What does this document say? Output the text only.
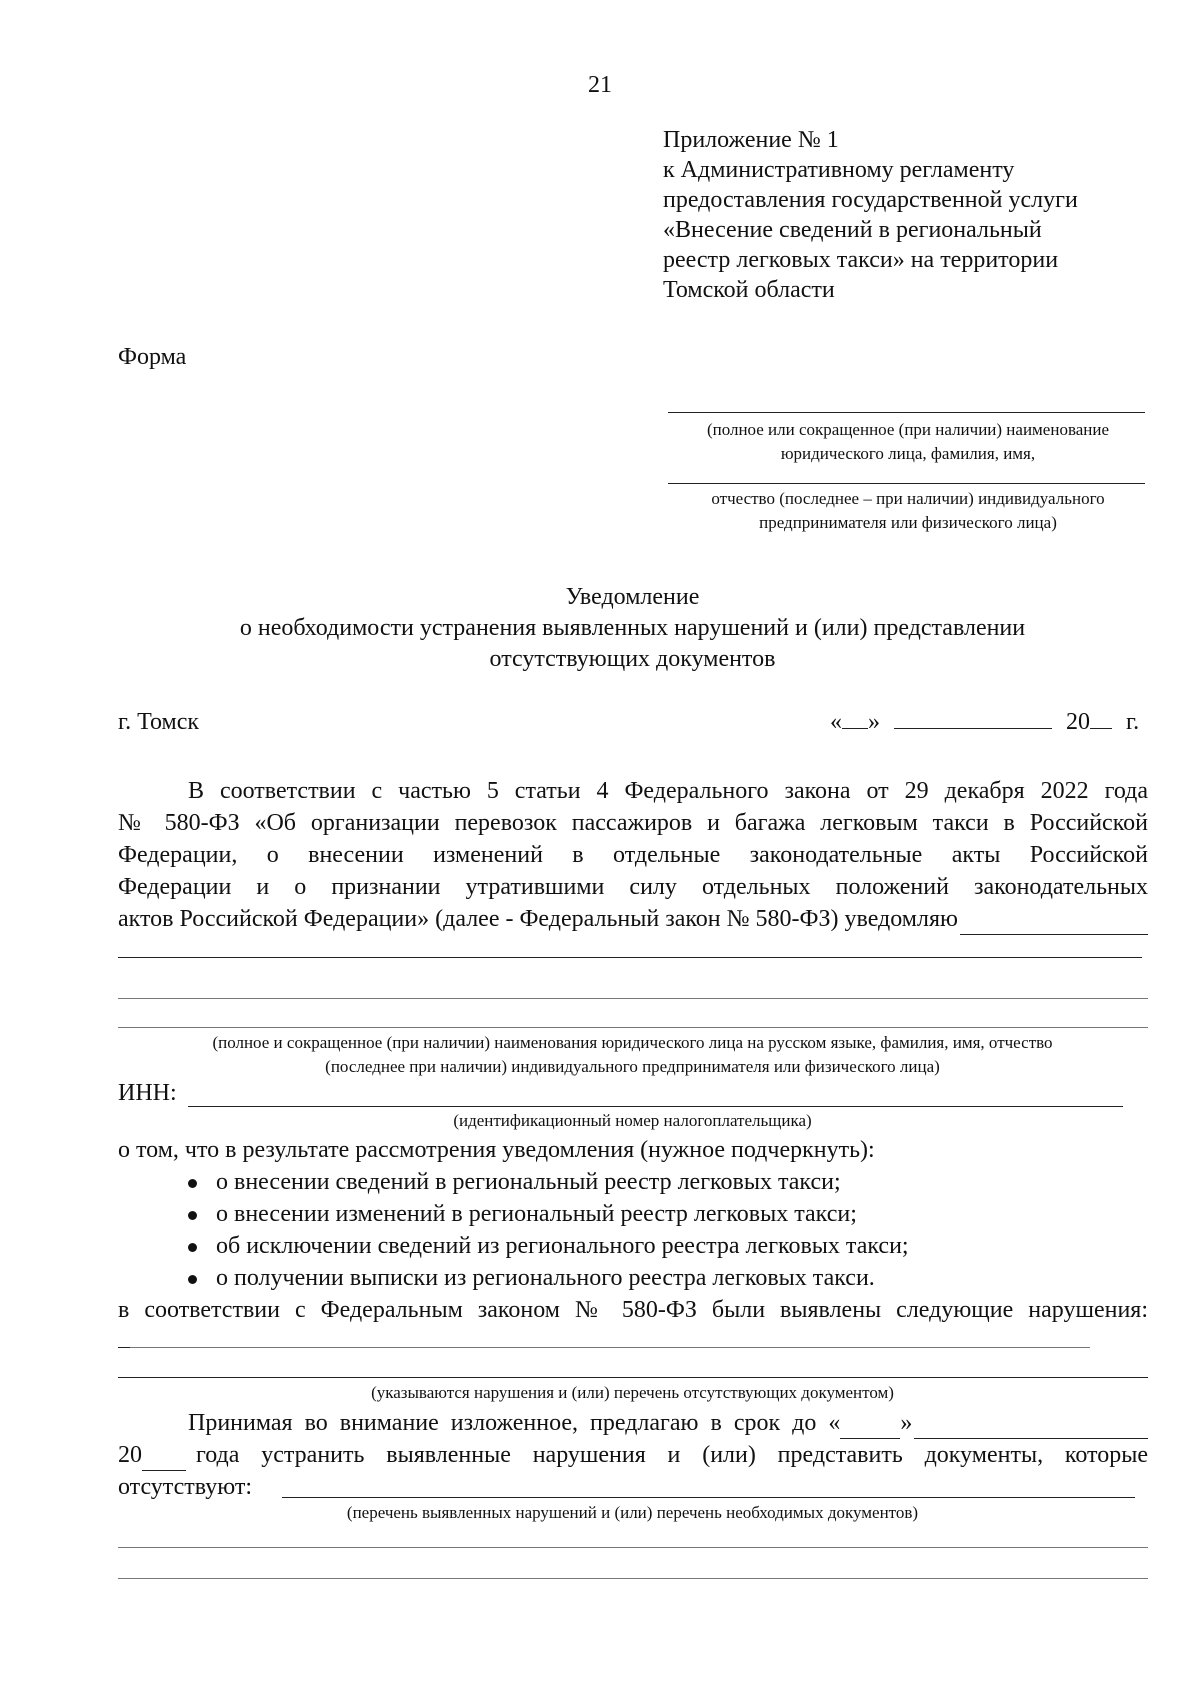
21
Приложение № 1
к Административному регламенту
предоставления государственной услуги
«Внесение сведений в региональный
реестр легковых такси» на территории
Томской области
Форма
(полное или сокращенное (при наличии) наименование
юридического лица, фамилия, имя,
отчество (последнее – при наличии) индивидуального
предпринимателя или физического лица)
Уведомление
о необходимости устранения выявленных нарушений и (или) представлении
отсутствующих документов
г. Томск	« »	20 г.
В соответствии с частью 5 статьи 4 Федерального закона от 29 декабря 2022 года
№ 580-ФЗ «Об организации перевозок пассажиров и багажа легковым такси в Российской
Федерации, о внесении изменений в отдельные законодательные акты Российской
Федерации и о признании утратившими силу отдельных положений законодательных
актов Российской Федерации» (далее - Федеральный закон № 580-ФЗ) уведомляю
(полное и сокращенное (при наличии) наименования юридического лица на русском языке, фамилия, имя, отчество
(последнее при наличии) индивидуального предпринимателя или физического лица)
ИНН:
(идентификационный номер налогоплательщика)
о том, что в результате рассмотрения уведомления (нужное подчеркнуть):
о внесении сведений в региональный реестр легковых такси;
о внесении изменений в региональный реестр легковых такси;
об исключении сведений из регионального реестра легковых такси;
о получении выписки из регионального реестра легковых такси.
в соответствии с Федеральным законом № 580-ФЗ были выявлены следующие нарушения:
(указываются нарушения и (или) перечень отсутствующих документом)
Принимая во внимание изложенное, предлагаю в срок до «	»
20 года устранить выявленные нарушения и (или) представить документы, которые
отсутствуют:
(перечень выявленных нарушений и (или) перечень необходимых документов)
